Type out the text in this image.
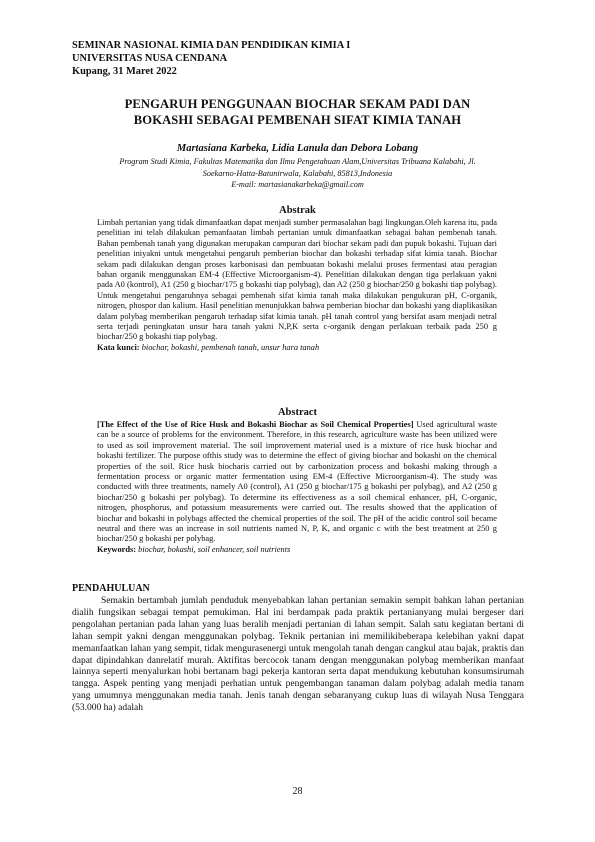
SEMINAR NASIONAL KIMIA DAN PENDIDIKAN KIMIA I
UNIVERSITAS NUSA CENDANA
Kupang, 31 Maret 2022
PENGARUH PENGGUNAAN BIOCHAR SEKAM PADI DAN
BOKASHI SEBAGAI PEMBENAH SIFAT KIMIA TANAH
Martasiana Karbeka, Lidia Lanula dan Debora Lobang
Program Studi Kimia, Fakultas Matematika dan Ilmu Pengetahuan Alam,Universitas Tribuana Kalabahi, Jl.
Soekarno-Hatta-Batunirwala, Kalabahi, 85813,Indonesia
E-mail: martasianakarbeka@gmail.com
Abstrak

Limbah pertanian yang tidak dimanfaatkan dapat menjadi sumber permasalahan bagi lingkungan.Oleh karena itu, pada penelitian ini telah dilakukan pemanfaatan limbah pertanian untuk dimanfaatkan sebagai bahan pembenah tanah. Bahan pembenah tanah yang digunakan merupakan campuran dari biochar sekam padi dan pupuk bokashi. Tujuan dari penelitian iniyakni untuk mengetahui pengaruh pemberian biochar dan bokashi terhadap sifat kimia tanah. Biochar sekam padi dilakukan dengan proses karbonisasi dan pembuatan bokashi melalui proses fermentasi atau peragian bahan organik menggunakan EM-4 (Effective Microorganism-4). Penelitian dilakukan dengan tiga perlakuan yakni pada A0 (kontrol), A1 (250 g biochar/175 g bokashi tiap polybag), dan A2 (250 g biochar/250 g bokashi tiap polybag). Untuk mengetahui pengaruhnya sebagai pembenah sifat kimia tanah maka dilakukan pengukuran pH, C-organik, nitrogen, phospor dan kalium. Hasil penelitian menunjukkan bahwa pemberian biochar dan bokashi yang diaplikasikan dalam polybag memberikan pengaruh terhadap sifat kimia tanah. pH tanah control yang bersifat asam menjadi netral serta terjadi peningkatan unsur hara tanah yakni N,P,K serta c-organik dengan perlakuan terbaik pada 250 g biochar/250 g bokashi tiap polybag.

Kata kunci: biochar, bokashi, pembenah tanah, unsur hara tanah

Abstract

[The Effect of the Use of Rice Husk and Bokashi Biochar as Soil Chemical Properties] Used agricultural waste can be a source of problems for the environment. Therefore, in this research, agriculture waste has been utilized were to used as soil improvement material. The soil improvement material used is a mixture of rice husk biochar and bokashi fertilizer. The purpose ofthis study was to determine the effect of giving biochar and bokashi on the chemical properties of the soil. Rice husk biocharis carried out by carbonization process and bokashi making through a fermentation process or organic matter fermentation using EM-4 (Effective Microorganism-4). The study was conducted with three treatments, namely A0 (control), A1 (250 g biochar/175 g bokashi per polybag), and A2 (250 g biochar/250 g bokashi per polybag). To determine its effectiveness as a soil chemical enhancer, pH, C-organic, nitrogen, phosphorus, and potassium measurements were carried out. The results showed that the application of biochar and bokashi in polybags affected the chemical properties of the soil. The pH of the acidic control soil became neutral and there was an increase in soil nutrients named N, P, K, and organic c with the best treatment at 250 g biochar/250 g bokashi per polybag.

Keywords: biochar, bokashi, soil enhancer, soil nutrients

PENDAHULUAN

Semakin bertambah jumlah penduduk menyebabkan lahan pertanian semakin sempit bahkan lahan pertanian dialih fungsikan sebagai tempat pemukiman. Hal ini berdampak pada praktik pertanianyang mulai bergeser dari pengolahan pertanian pada lahan yang luas beralih menjadi pertanian di lahan sempit. Salah satu kegiatan bertani di lahan sempit yakni dengan menggunakan polybag. Teknik pertanian ini memilikibeberapa kelebihan yakni dapat memanfaatkan lahan yang sempit, tidak mengurasenergi untuk mengolah tanah dengan cangkul atau bajak, praktis dan dapat dipindahkan danrelatif murah. Aktifitas bercocok tanam dengan menggunakan polybag memberikan manfaat lainnya seperti menyalurkan hobi bertanam bagi pekerja kantoran serta dapat mendukung kebutuhan konsumsirumah tangga. Aspek penting yang menjadi perhatian untuk pengembangan tanaman dalam polybag adalah media tanam yang umumnya menggunakan media tanah. Jenis tanah dengan sebaranyang cukup luas di wilayah Nusa Tenggara (53.000 ha) adalah

28
